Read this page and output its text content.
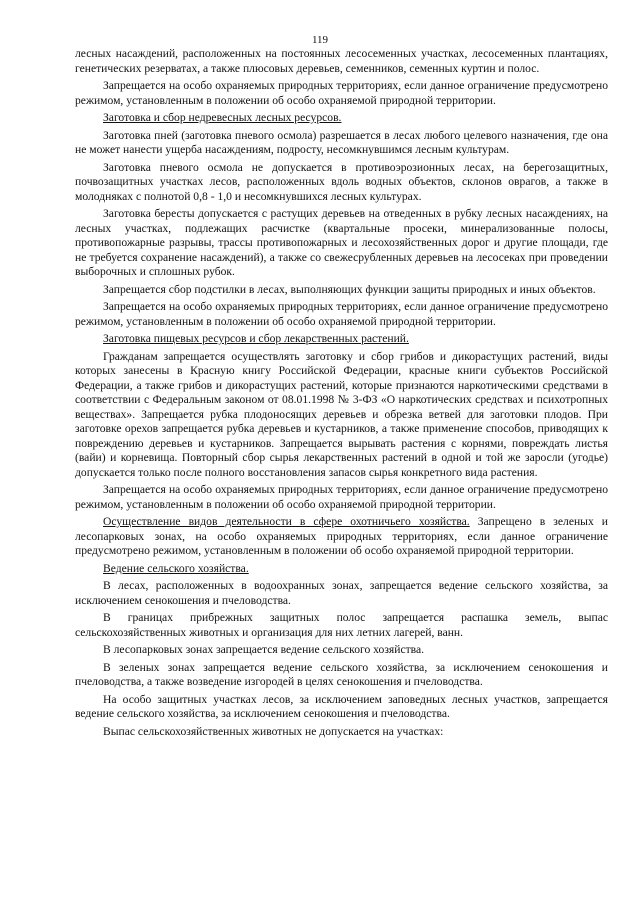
119

лесных насаждений, расположенных на постоянных лесосеменных участках, лесосеменных плантациях, генетических резерватах, а также плюсовых деревьев, семенников, семенных куртин и полос.

Запрещается на особо охраняемых природных территориях, если данное ограничение предусмотрено режимом, установленным в положении об особо охраняемой природной территории.

Заготовка и сбор недревесных лесных ресурсов.

Заготовка пней (заготовка пневого осмола) разрешается в лесах любого целевого назначения, где она не может нанести ущерба насаждениям, подросту, несомкнувшимся лесным культурам.

Заготовка пневого осмола не допускается в противоэрозионных лесах, на берегозащитных, почвозащитных участках лесов, расположенных вдоль водных объектов, склонов оврагов, а также в молодняках с полнотой 0,8 - 1,0 и несомкнувшихся лесных культурах.

Заготовка бересты допускается с растущих деревьев на отведенных в рубку лесных насаждениях, на лесных участках, подлежащих расчистке (квартальные просеки, минерализованные полосы, противопожарные разрывы, трассы противопожарных и лесохозяйственных дорог и другие площади, где не требуется сохранение насаждений), а также со свежесрубленных деревьев на лесосеках при проведении выборочных и сплошных рубок.

Запрещается сбор подстилки в лесах, выполняющих функции защиты природных и иных объектов.

Запрещается на особо охраняемых природных территориях, если данное ограничение предусмотрено режимом, установленным в положении об особо охраняемой природной территории.

Заготовка пищевых ресурсов и сбор лекарственных растений.

Гражданам запрещается осуществлять заготовку и сбор грибов и дикорастущих растений, виды которых занесены в Красную книгу Российской Федерации, красные книги субъектов Российской Федерации, а также грибов и дикорастущих растений, которые признаются наркотическими средствами в соответствии с Федеральным законом от 08.01.1998 № 3-ФЗ «О наркотических средствах и психотропных веществах». Запрещается рубка плодоносящих деревьев и обрезка ветвей для заготовки плодов. При заготовке орехов запрещается рубка деревьев и кустарников, а также применение способов, приводящих к повреждению деревьев и кустарников. Запрещается вырывать растения с корнями, повреждать листья (вайи) и корневища. Повторный сбор сырья лекарственных растений в одной и той же заросли (угодье) допускается только после полного восстановления запасов сырья конкретного вида растения.

Запрещается на особо охраняемых природных территориях, если данное ограничение предусмотрено режимом, установленным в положении об особо охраняемой природной территории.

Осуществление видов деятельности в сфере охотничьего хозяйства. Запрещено в зеленых и лесопарковых зонах, на особо охраняемых природных территориях, если данное ограничение предусмотрено режимом, установленным в положении об особо охраняемой природной территории.

Ведение сельского хозяйства.

В лесах, расположенных в водоохранных зонах, запрещается ведение сельского хозяйства, за исключением сенокошения и пчеловодства.

В границах прибрежных защитных полос запрещается распашка земель, выпас сельскохозяйственных животных и организация для них летних лагерей, ванн.

В лесопарковых зонах запрещается ведение сельского хозяйства.

В зеленых зонах запрещается ведение сельского хозяйства, за исключением сенокошения и пчеловодства, а также возведение изгородей в целях сенокошения и пчеловодства.

На особо защитных участках лесов, за исключением заповедных лесных участков, запрещается ведение сельского хозяйства, за исключением сенокошения и пчеловодства.

Выпас сельскохозяйственных животных не допускается на участках:
